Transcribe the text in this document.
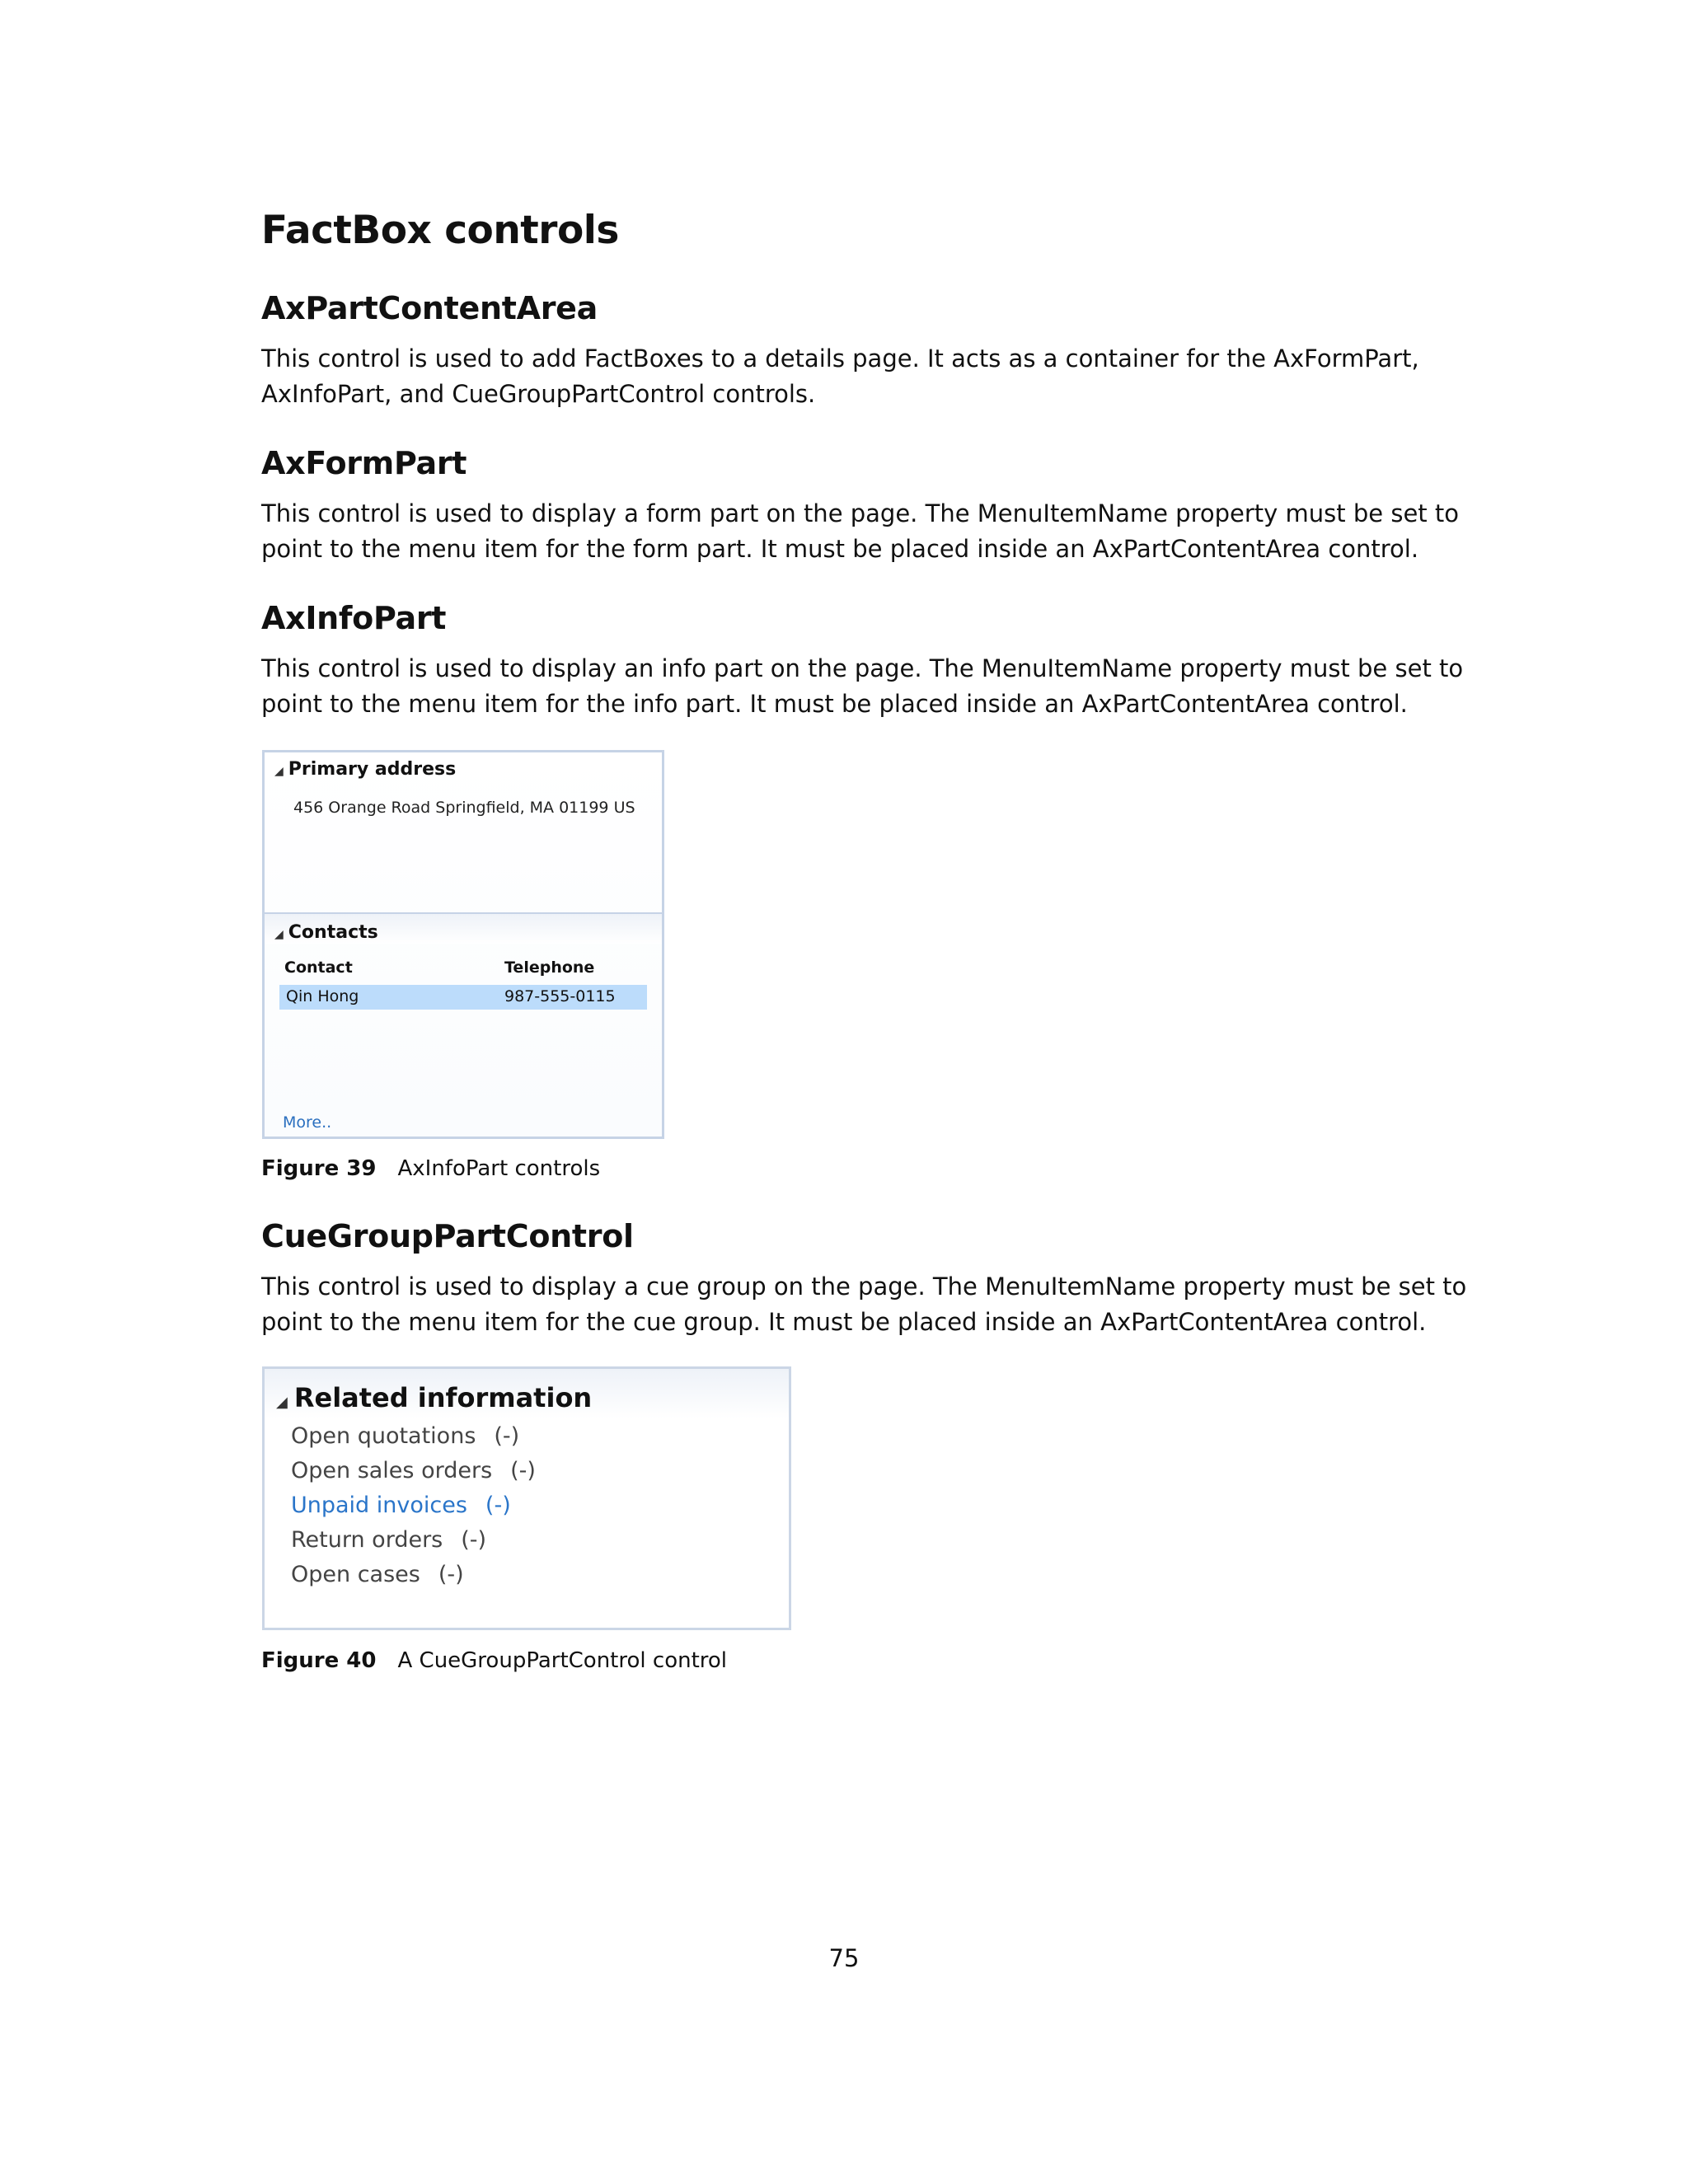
FactBox controls
AxPartContentArea

This control is used to add FactBoxes to a details page. It acts as a container for the AxFormPart, AxInfoPart, and CueGroupPartControl controls.

AxFormPart

This control is used to display a form part on the page. The MenuItemName property must be set to point to the menu item for the form part. It must be placed inside an AxPartContentArea control.

AxInfoPart

This control is used to display an info part on the page. The MenuItemName property must be set to point to the menu item for the info part. It must be placed inside an AxPartContentArea control.

◢ Primary address
456 Orange Road Springfield, MA 01199 US
◢ Contacts
Contact	Telephone
Qin Hong	987-555-0115
More..

Figure 39 AxInfoPart controls

CueGroupPartControl

This control is used to display a cue group on the page. The MenuItemName property must be set to point to the menu item for the cue group. It must be placed inside an AxPartContentArea control.

◢ Related information
Open quotations (-)
Open sales orders (-)
Unpaid invoices (-)
Return orders (-)
Open cases (-)

Figure 40 A CueGroupPartControl control

75
